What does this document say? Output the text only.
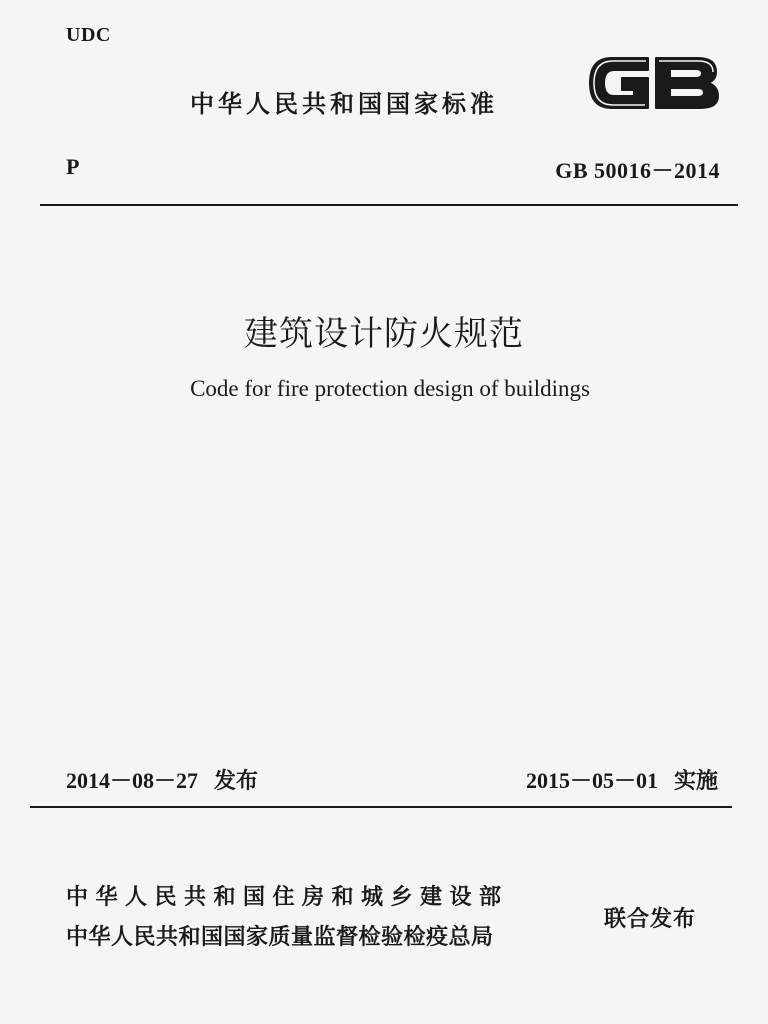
UDC
中华人民共和国国家标准
P	GB 50016－2014
建筑设计防火规范
Code for fire protection design of buildings
2014－08－27 发布	2015－05－01 实施
中华人民共和国住房和城乡建设部
中华人民共和国国家质量监督检验检疫总局
联合发布
